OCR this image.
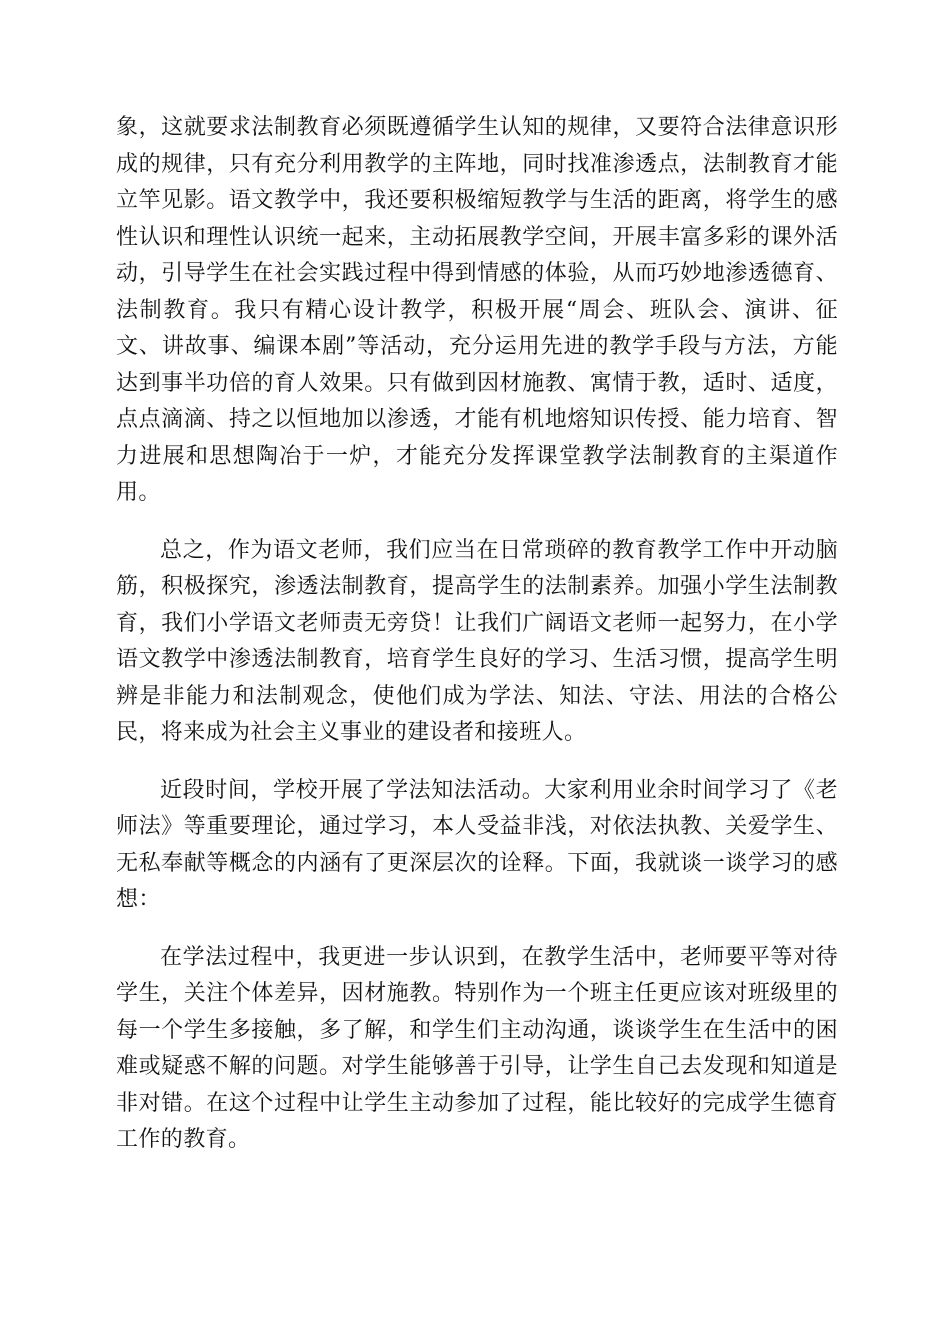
象，这就要求法制教育必须既遵循学生认知的规律，又要符合法律意识形成的规律，只有充分利用教学的主阵地，同时找准渗透点，法制教育才能立竿见影。语文教学中，我还要积极缩短教学与生活的距离，将学生的感性认识和理性认识统一起来，主动拓展教学空间，开展丰富多彩的课外活动，引导学生在社会实践过程中得到情感的体验，从而巧妙地渗透德育、法制教育。我只有精心设计教学，积极开展“周会、班队会、演讲、征文、讲故事、编课本剧”等活动，充分运用先进的教学手段与方法，方能达到事半功倍的育人效果。只有做到因材施教、寓情于教，适时、适度，点点滴滴、持之以恒地加以渗透，才能有机地熔知识传授、能力培育、智力进展和思想陶冶于一炉，才能充分发挥课堂教学法制教育的主渠道作用。

总之，作为语文老师，我们应当在日常琐碎的教育教学工作中开动脑筋，积极探究，渗透法制教育，提高学生的法制素养。加强小学生法制教育，我们小学语文老师责无旁贷！让我们广阔语文老师一起努力，在小学语文教学中渗透法制教育，培育学生良好的学习、生活习惯，提高学生明辨是非能力和法制观念，使他们成为学法、知法、守法、用法的合格公民，将来成为社会主义事业的建设者和接班人。

近段时间，学校开展了学法知法活动。大家利用业余时间学习了《老师法》等重要理论，通过学习，本人受益非浅，对依法执教、关爱学生、无私奉献等概念的内涵有了更深层次的诠释。下面，我就谈一谈学习的感想：

在学法过程中，我更进一步认识到，在教学生活中，老师要平等对待学生，关注个体差异，因材施教。特别作为一个班主任更应该对班级里的每一个学生多接触，多了解，和学生们主动沟通，谈谈学生在生活中的困难或疑惑不解的问题。对学生能够善于引导，让学生自己去发现和知道是非对错。在这个过程中让学生主动参加了过程，能比较好的完成学生德育工作的教育。
